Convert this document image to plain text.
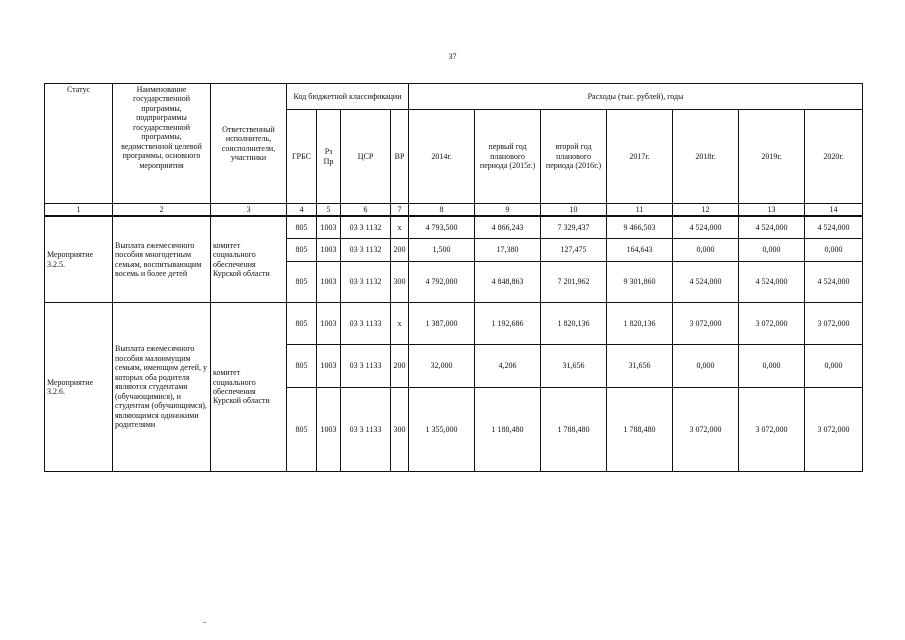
37
Статус	Наименование государственной программы, подпрограммы государственной программы, ведомственной целевой программы, основного мероприятия	Ответственный исполнитель, соисполнители, участники	Код бюджетной классификации				Расходы (тыс. рублей), годы						
			ГРБС	Рз Пр	ЦСР	ВР	2014г.	первый год планового периода (2015г.)	второй год планового периода (2016г.)	2017г.	2018г.	2019г.	2020г.
1	2	3	4	5	6	7	8	9	10	11	12	13	14
Мероприятие 3.2.5.	Выплата ежемесячного пособия многодетным семьям, воспитывающим восемь и более детей	комитет социального обеспечения Курской области	805	1003	03 3 1132	х	4 793,500	4 866,243	7 329,437	9 466,503	4 524,000	4 524,000	4 524,000
			805	1003	03 3 1132	200	1,500	17,380	127,475	164,643	0,000	0,000	0,000
			805	1003	03 3 1132	300	4 792,000	4 848,863	7 201,962	9 301,860	4 524,000	4 524,000	4 524,000
Мероприятие 3.2.6.	Выплата ежемесячного пособия малоимущим семьям, имеющим детей, у которых оба родителя являются студентами (обучающимися), и студентам (обучающимся), являющимся одинокими родителями	комитет социального обеспечения Курской области	805	1003	03 3 1133	х	1 387,000	1 192,686	1 820,136	1 820,136	3 072,000	3 072,000	3 072,000
			805	1003	03 3 1133	200	32,000	4,206	31,656	31,656	0,000	0,000	0,000
			805	1003	03 3 1133	300	1 355,000	1 188,480	1 788,480	1 788,480	3 072,000	3 072,000	3 072,000
